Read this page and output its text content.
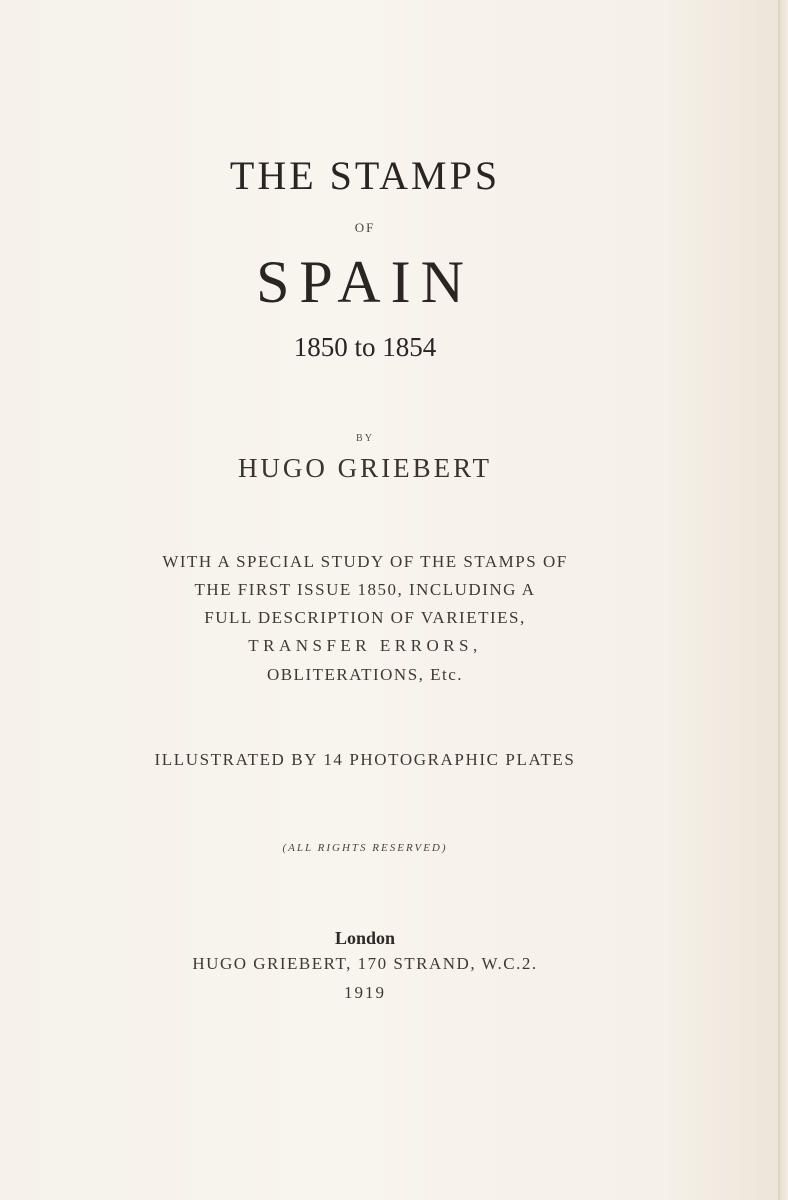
THE STAMPS
OF
SPAIN
1850 to 1854
BY
HUGO GRIEBERT
WITH A SPECIAL STUDY OF THE STAMPS OF
THE FIRST ISSUE 1850, INCLUDING A
FULL DESCRIPTION OF VARIETIES,
TRANSFER ERRORS,
OBLITERATIONS, Etc.
ILLUSTRATED BY 14 PHOTOGRAPHIC PLATES
(ALL RIGHTS RESERVED)
London
HUGO GRIEBERT, 170 STRAND, W.C.2.
1919
